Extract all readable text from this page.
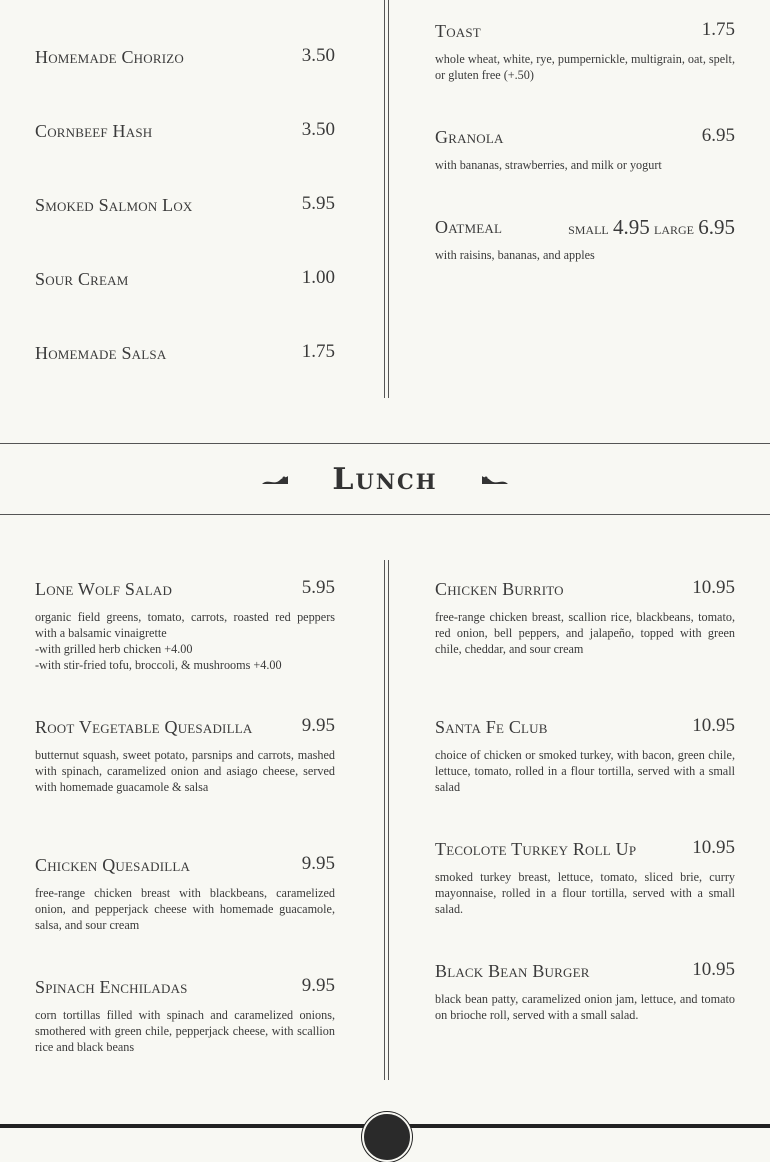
Homemade Chorizo	3.50
Cornbeef Hash	3.50
Smoked Salmon Lox	5.95
Sour Cream	1.00
Homemade Salsa	1.75
Toast	1.75
whole wheat, white, rye, pumpernickle, multigrain, oat, spelt, or gluten free (+.50)
Granola	6.95
with bananas, strawberries, and milk or yogurt
Oatmeal	small 4.95 large 6.95
with raisins, bananas, and apples
Lunch
Lone Wolf Salad	5.95
organic field greens, tomato, carrots, roasted red peppers with a balsamic vinaigrette
-with grilled herb chicken +4.00
-with stir-fried tofu, broccoli, & mushrooms +4.00
Root Vegetable Quesadilla	9.95
butternut squash, sweet potato, parsnips and carrots, mashed with spinach, caramelized onion and asiago cheese, served with homemade guacamole & salsa
Chicken Quesadilla	9.95
free-range chicken breast with blackbeans, caramelized onion, and pepperjack cheese with homemade guacamole, salsa, and sour cream
Spinach Enchiladas	9.95
corn tortillas filled with spinach and caramelized onions, smothered with green chile, pepperjack cheese, with scallion rice and black beans
Chicken Burrito	10.95
free-range chicken breast, scallion rice, blackbeans, tomato, red onion, bell peppers, and jalapeño, topped with green chile, cheddar, and sour cream
Santa Fe Club	10.95
choice of chicken or smoked turkey, with bacon, green chile, lettuce, tomato, rolled in a flour tortilla, served with a small salad
Tecolote Turkey Roll Up	10.95
smoked turkey breast, lettuce, tomato, sliced brie, curry mayonnaise, rolled in a flour tortilla, served with a small salad.
Black Bean Burger	10.95
black bean patty, caramelized onion jam, lettuce, and tomato on brioche roll, served with a small salad.
